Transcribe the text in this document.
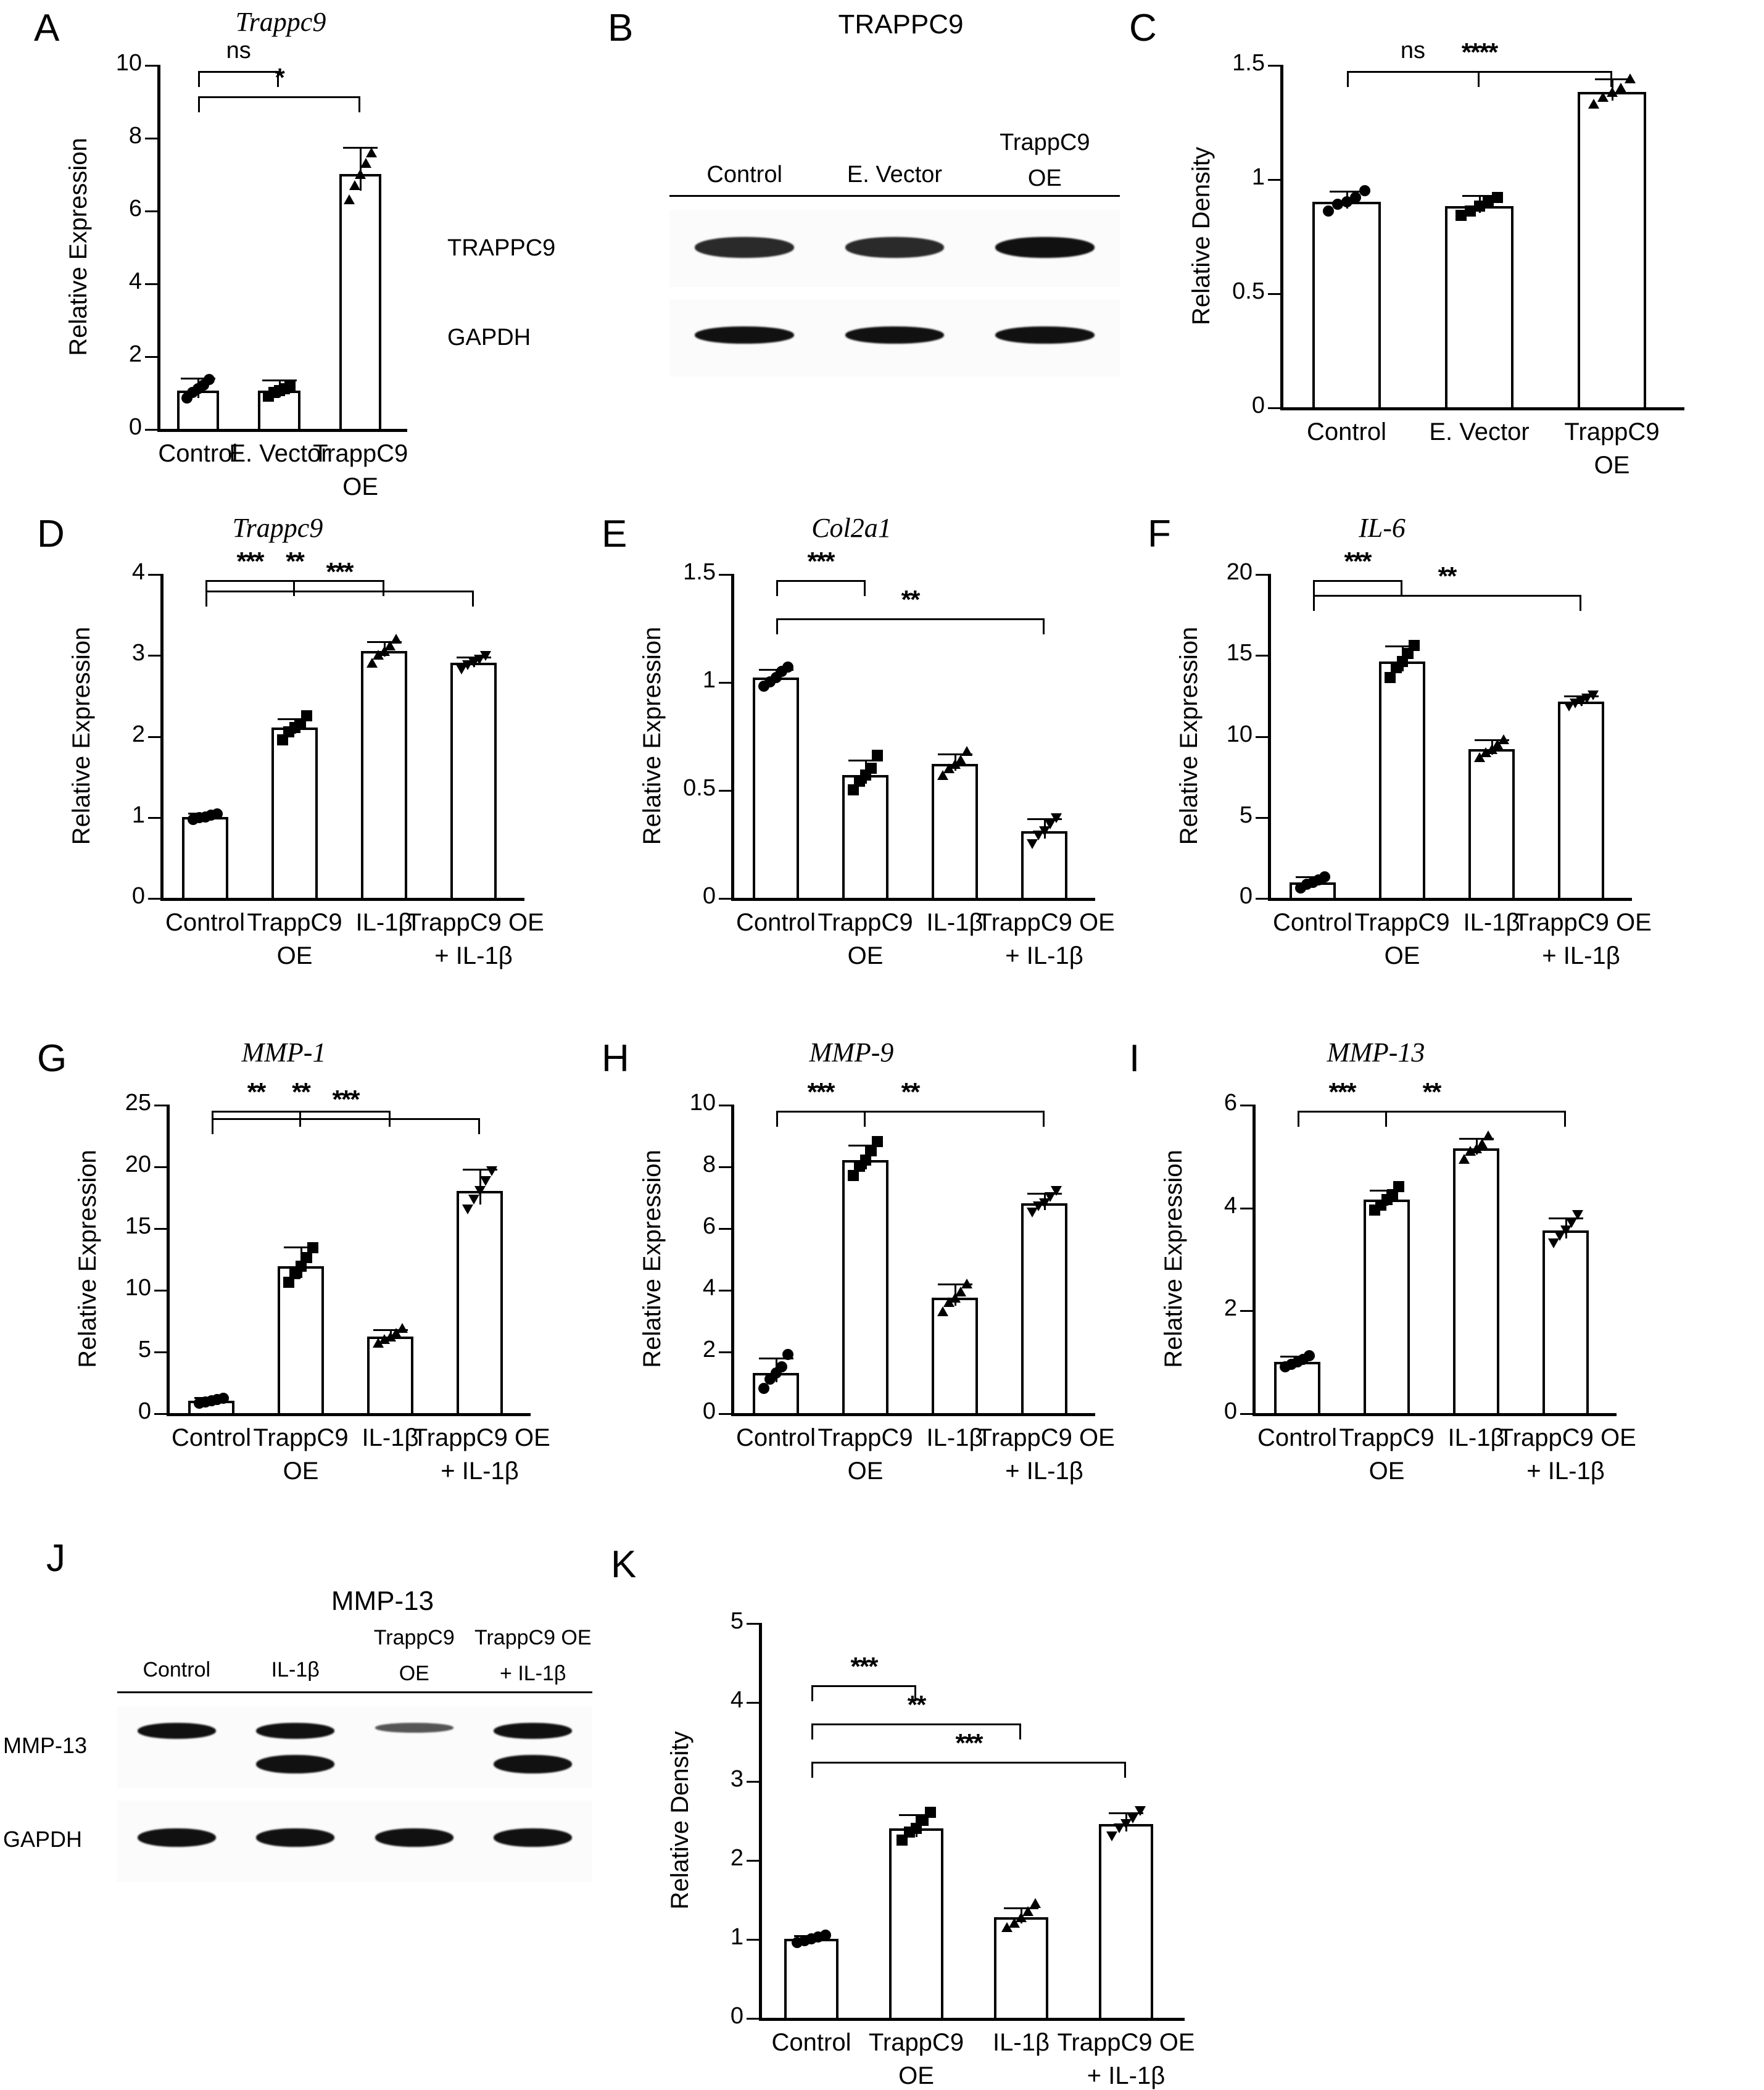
A	Trappc9
Relative Expression
0
2
4
6
8
10
Control
E. Vector
TrappC9
OE
ns
*
B	TRAPPC9
Control	E. Vector
TrappC9
OE
TRAPPC9
GAPDH
C
Relative Density
0
0.5
1
1.5
Control	E. Vector	TrappC9
OE
ns	****
D	Trappc9
Relative Expression
0
1
2
3
4
Control TrappC9
OE
IL-1β
TrappC9 OE
+ IL-1β
*** ** ***
E	Col2a1
Relative Expression
0
0.5
1
1.5
Control TrappC9
OE
IL-1β
TrappC9 OE
+ IL-1β
***
**
F	IL-6
Relative Expression
0
5
10
15
20
Control TrappC9
OE
IL-1β
TrappC9 OE
+ IL-1β
***	**
G	MMP-1
Relative Expression
0
5
10
15
20
25
Control TrappC9
OE
IL-1β
TrappC9 OE
+ IL-1β
**	** ***
H	MMP-9
Relative Expression
0
2
4
6
8
10
Control TrappC9
OE
IL-1β
TrappC9 OE
+ IL-1β
***	**
I	MMP-13
Relative Expression
0
2
4
6
Control TrappC9
OE
IL-1β
TrappC9 OE
+ IL-1β
***	**
J
MMP-13
Control	IL-1β
TrappC9
OE
TrappC9 OE
+ IL-1β
MMP-13
GAPDH
K
Relative Density
0
1
2
3
4
5
Control TrappC9
OE
IL-1β TrappC9 OE
+ IL-1β
***
**
***
